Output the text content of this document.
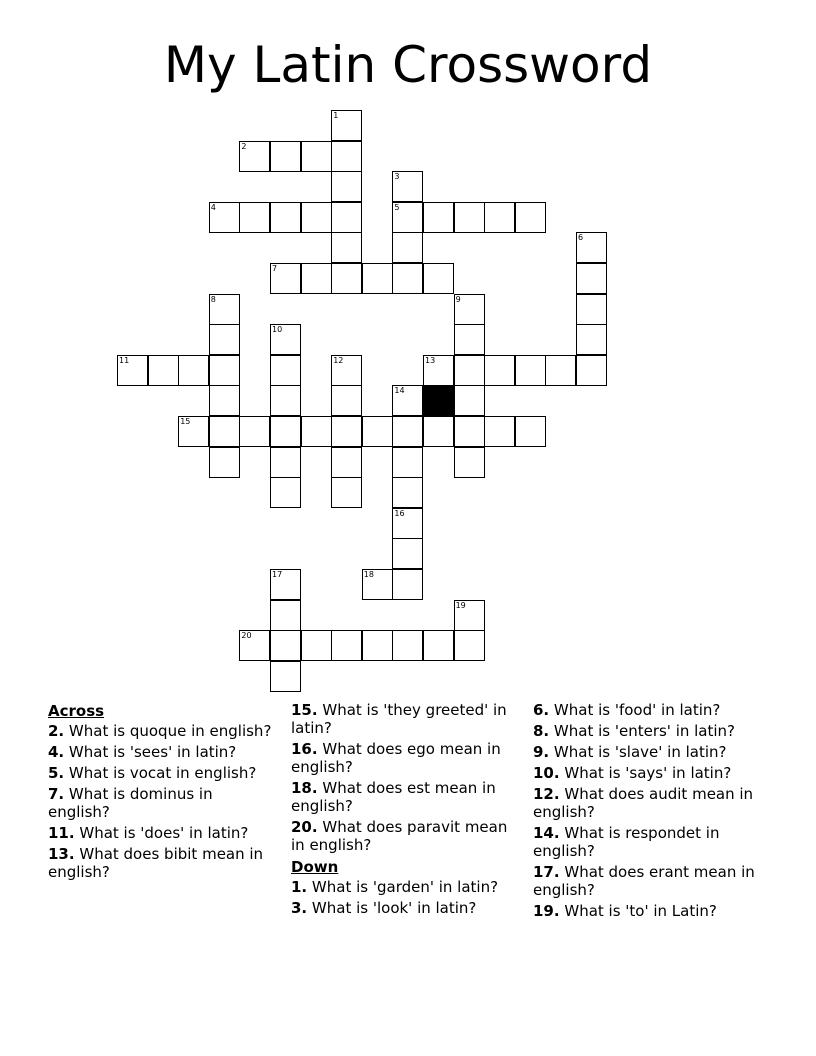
My Latin Crossword
1
2
3
4	5
6
7
8	9
10
11	12	13
14
15
16
17	18
19
20
Across

2. What is quoque in english?

4. What is 'sees' in latin?

5. What is vocat in english?

7. What is dominus in english?

11. What is 'does' in latin?

13. What does bibit mean in english?

15. What is 'they greeted' in latin?

16. What does ego mean in english?

18. What does est mean in english?

20. What does paravit mean in english?

Down

1. What is 'garden' in latin?

3. What is 'look' in latin?

6. What is 'food' in latin?

8. What is 'enters' in latin?

9. What is 'slave' in latin?

10. What is 'says' in latin?

12. What does audit mean in english?

14. What is respondet in english?

17. What does erant mean in english?

19. What is 'to' in Latin?
